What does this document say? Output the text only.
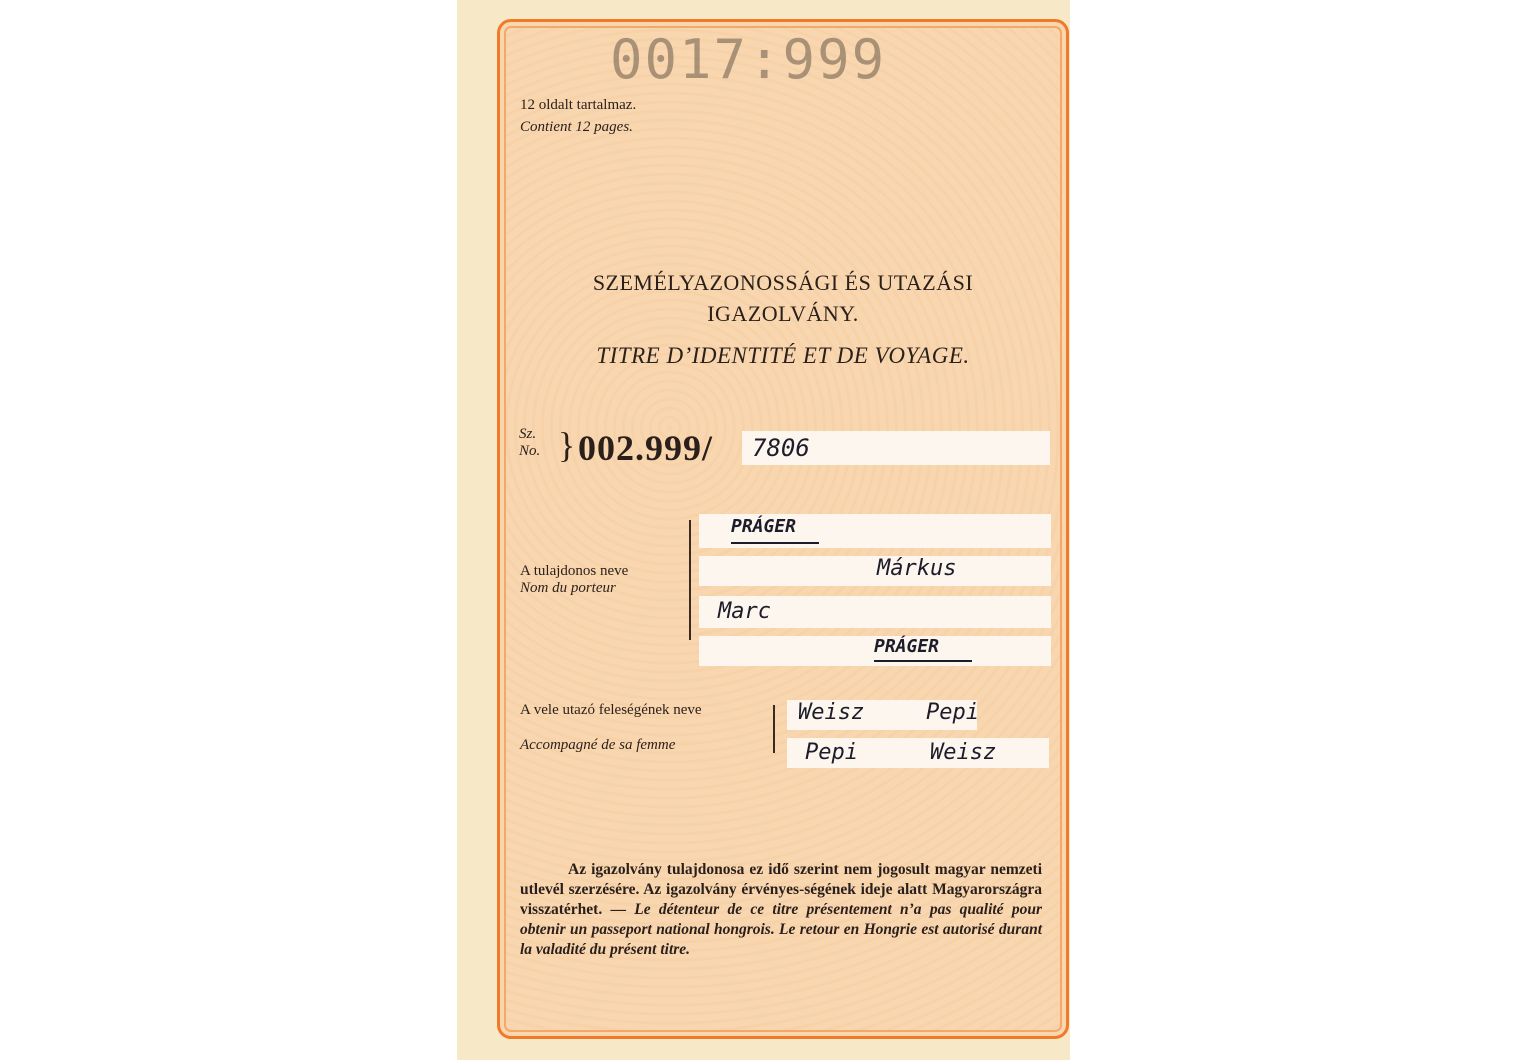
0017:999
12 oldalt tartalmaz.
Contient 12 pages.
SZEMÉLYAZONOSSÁGI ÉS UTAZÁSI
IGAZOLVÁNY.
TITRE D’IDENTITÉ ET DE VOYAGE.
Sz.
No. } 002.999/ 7806
A tulajdonos neve
Nom du porteur
PRÁGER
Márkus
Marc
PRÁGER
A vele utazó feleségének neve
Accompagné de sa femme
Weisz	Pepi
Pepi	Weisz
Az igazolvány tulajdonosa ez idő szerint nem jogosult magyar nemzeti utlevél szerzésére. Az igazolvány érvényes-ségének ideje alatt Magyarországra visszatérhet. — Le détenteur de ce titre présentement n’a pas qualité pour obtenir un passeport national hongrois. Le retour en Hongrie est autorisé durant la valadité du présent titre.
